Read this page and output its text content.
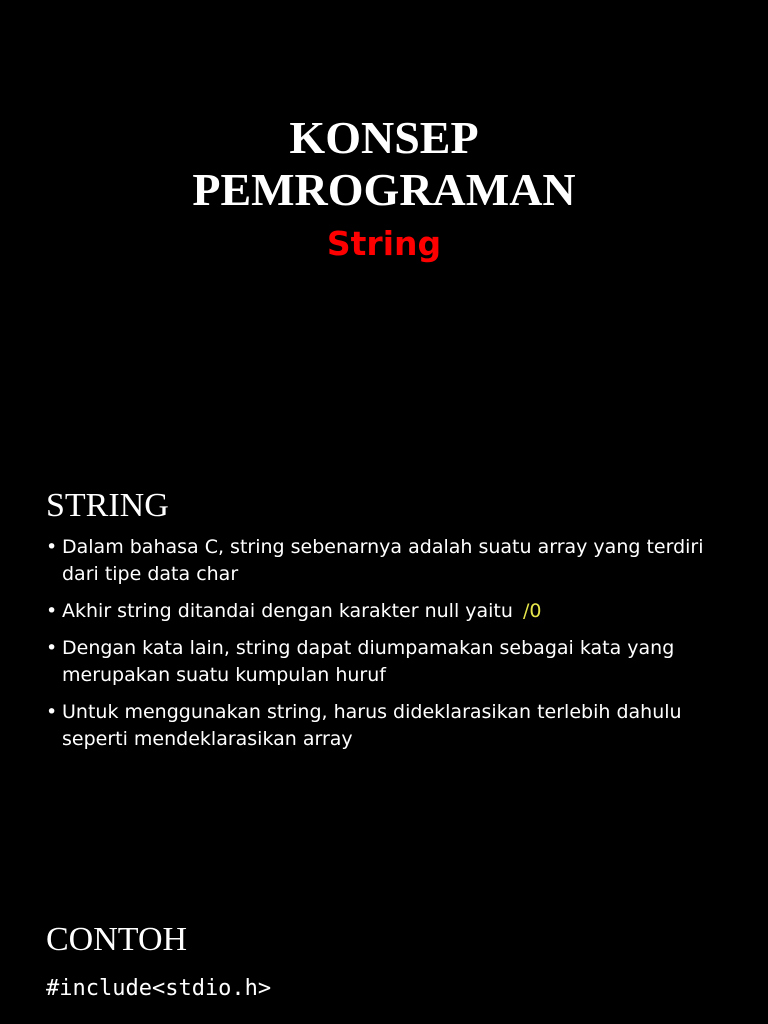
KONSEP
PEMROGRAMAN
String
STRING
• Dalam bahasa C, string sebenarnya adalah suatu array yang terdiri dari tipe data char
• Akhir string ditandai dengan karakter null yaitu /0
• Dengan kata lain, string dapat diumpamakan sebagai kata yang merupakan suatu kumpulan huruf
• Untuk menggunakan string, harus dideklarasikan terlebih dahulu seperti mendeklarasikan array
CONTOH
#include<stdio.h>
